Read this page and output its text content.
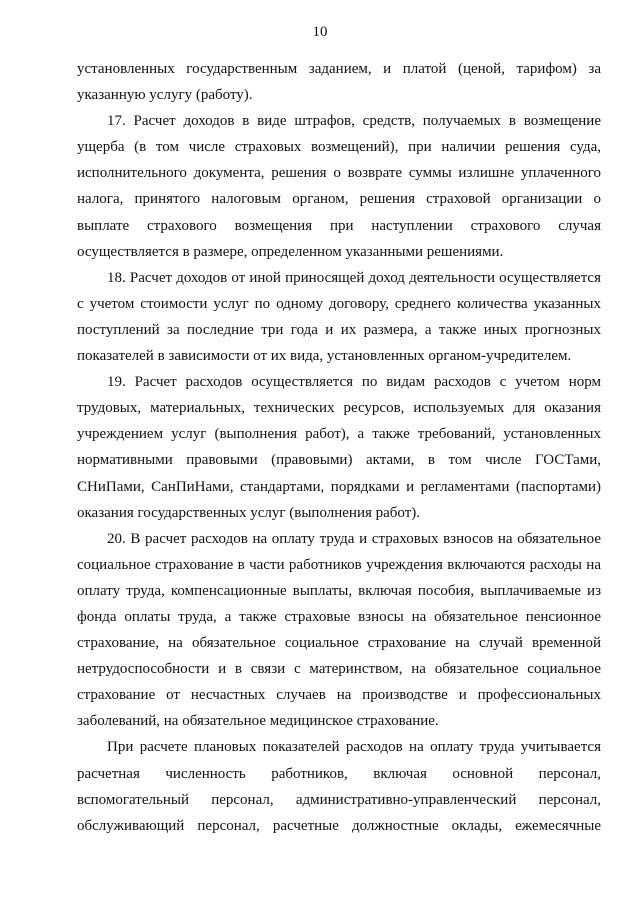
10
установленных государственным заданием, и платой (ценой, тарифом) за
указанную услугу (работу).
17. Расчет доходов в виде штрафов, средств, получаемых в возмещение
ущерба (в том числе страховых возмещений), при наличии решения суда,
исполнительного документа, решения о возврате суммы излишне уплаченного
налога, принятого налоговым органом, решения страховой организации о
выплате страхового возмещения при наступлении страхового случая
осуществляется в размере, определенном указанными решениями.
18. Расчет доходов от иной приносящей доход деятельности осуществляется
с учетом стоимости услуг по одному договору, среднего количества указанных
поступлений за последние три года и их размера, а также иных прогнозных
показателей в зависимости от их вида, установленных органом-учредителем.
19. Расчет расходов осуществляется по видам расходов с учетом норм
трудовых, материальных, технических ресурсов, используемых для оказания
учреждением услуг (выполнения работ), а также требований, установленных
нормативными правовыми (правовыми) актами, в том числе ГОСТами,
СНиПами, СанПиНами, стандартами, порядками и регламентами (паспортами)
оказания государственных услуг (выполнения работ).
20. В расчет расходов на оплату труда и страховых взносов на обязательное
социальное страхование в части работников учреждения включаются расходы на
оплату труда, компенсационные выплаты, включая пособия, выплачиваемые из
фонда оплаты труда, а также страховые взносы на обязательное пенсионное
страхование, на обязательное социальное страхование на случай временной
нетрудоспособности и в связи с материнством, на обязательное социальное
страхование от несчастных случаев на производстве и профессиональных
заболеваний, на обязательное медицинское страхование.
При расчете плановых показателей расходов на оплату труда учитывается
расчетная численность работников, включая основной персонал,
вспомогательный персонал, административно-управленческий персонал,
обслуживающий персонал, расчетные должностные оклады, ежемесячные
